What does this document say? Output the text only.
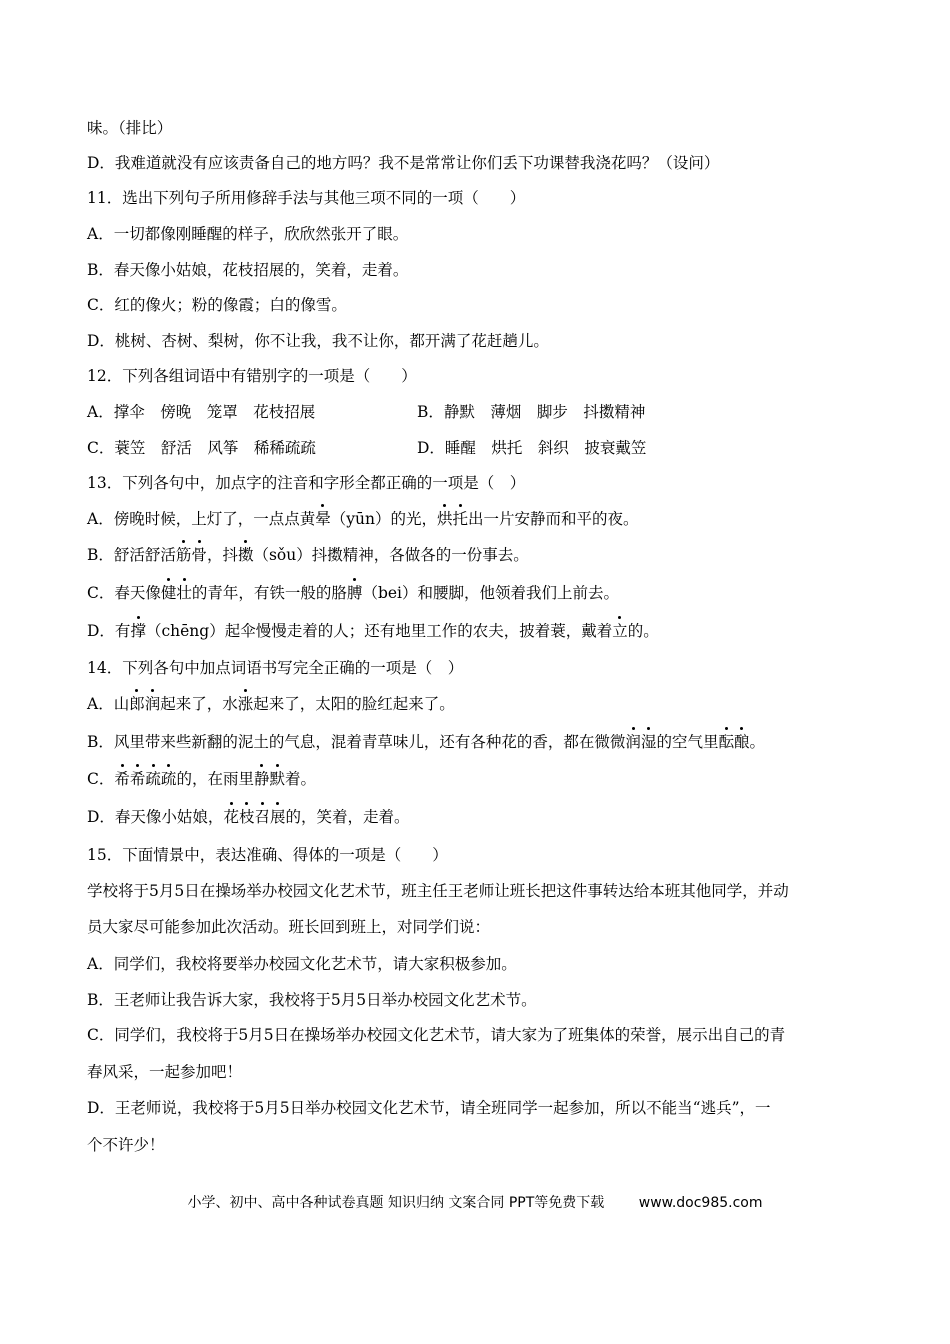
味。（排比）
D．我难道就没有应该责备自己的地方吗？我不是常常让你们丢下功课替我浇花吗？（设问）
11．选出下列句子所用修辞手法与其他三项不同的一项（　　）
A．一切都像刚睡醒的样子，欣欣然张开了眼。
B．春天像小姑娘，花枝招展的，笑着，走着。
C．红的像火；粉的像霞；白的像雪。
D．桃树、杏树、梨树，你不让我，我不让你，都开满了花赶趟儿。
12．下列各组词语中有错别字的一项是（　　）
A．撑伞　傍晚　笼罩　花枝招展	B．静默　薄烟　脚步　抖擞精神
C．蓑笠　舒活　风筝　稀稀疏疏	D．睡醒　烘托　斜织　披衰戴笠
13．下列各句中，加点字的注音和字形全都正确的一项是（　）
A．傍晚时候，上灯了，一点点黄晕（yūn）的光，烘托出一片安静而和平的夜。
B．舒活舒活筋骨，抖擞（sǒu）抖擞精神，各做各的一份事去。
C．春天像健壮的青年，有铁一般的胳膊（bei）和腰脚，他领着我们上前去。
D．有撑（chēng）起伞慢慢走着的人；还有地里工作的农夫，披着蓑，戴着立的。
14．下列各句中加点词语书写完全正确的一项是（　）
A．山郎润起来了，水涨起来了，太阳的脸红起来了。
B．风里带来些新翻的泥土的气息，混着青草味儿，还有各种花的香，都在微微润湿的空气里酝酿。
C．希希疏疏的，在雨里静默着。
D．春天像小姑娘，花枝召展的，笑着，走着。
15．下面情景中，表达准确、得体的一项是（　　）
学校将于5月5日在操场举办校园文化艺术节，班主任王老师让班长把这件事转达给本班其他同学，并动
员大家尽可能参加此次活动。班长回到班上，对同学们说：
A．同学们，我校将要举办校园文化艺术节，请大家积极参加。
B．王老师让我告诉大家，我校将于5月5日举办校园文化艺术节。
C．同学们，我校将于5月5日在操场举办校园文化艺术节，请大家为了班集体的荣誉，展示出自己的青
春风采，一起参加吧！
D．王老师说，我校将于5月5日举办校园文化艺术节，请全班同学一起参加，所以不能当“逃兵”，一
个不许少！
小学、初中、高中各种试卷真题 知识归纳 文案合同 PPT等免费下载 www.doc985.com
